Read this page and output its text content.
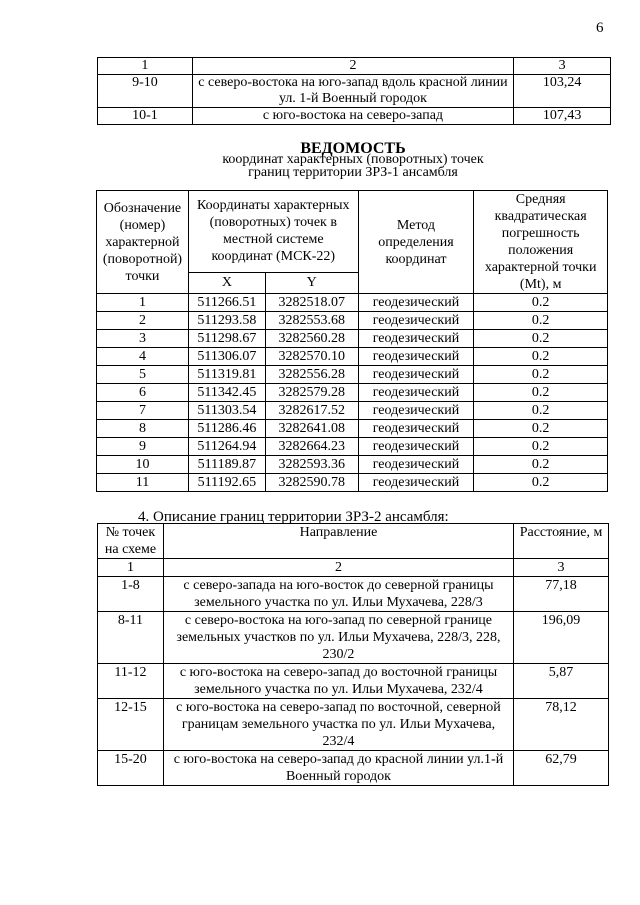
6
1	2	3
9-10	с северо-востока на юго-запад вдоль красной линии ул. 1-й Военный городок	103,24
10-1	с юго-востока на северо-запад	107,43
ВЕДОМОСТЬ
координат характерных (поворотных) точек
границ территории ЗРЗ-1 ансамбля
Обозначение (номер) характерной (поворотной) точки	Координаты характерных (поворотных) точек в местной системе координат (МСК-22)		Метод определения координат	Средняя квадратическая погрешность положения характерной точки (Mt), м
	X	Y		
1	511266.51	3282518.07	геодезический	0.2
2	511293.58	3282553.68	геодезический	0.2
3	511298.67	3282560.28	геодезический	0.2
4	511306.07	3282570.10	геодезический	0.2
5	511319.81	3282556.28	геодезический	0.2
6	511342.45	3282579.28	геодезический	0.2
7	511303.54	3282617.52	геодезический	0.2
8	511286.46	3282641.08	геодезический	0.2
9	511264.94	3282664.23	геодезический	0.2
10	511189.87	3282593.36	геодезический	0.2
11	511192.65	3282590.78	геодезический	0.2
4. Описание границ территории ЗРЗ-2 ансамбля:
№ точек на схеме	Направление	Расстояние, м
1	2	3
1-8	с северо-запада на юго-восток до северной границы земельного участка по ул. Ильи Мухачева, 228/3	77,18
8-11	с северо-востока на юго-запад по северной границе земельных участков по ул. Ильи Мухачева, 228/3, 228, 230/2	196,09
11-12	с юго-востока на северо-запад до восточной границы земельного участка по ул. Ильи Мухачева, 232/4	5,87
12-15	с юго-востока на северо-запад по восточной, северной границам земельного участка по ул. Ильи Мухачева, 232/4	78,12
15-20	с юго-востока на северо-запад до красной линии ул.1-й Военный городок	62,79
